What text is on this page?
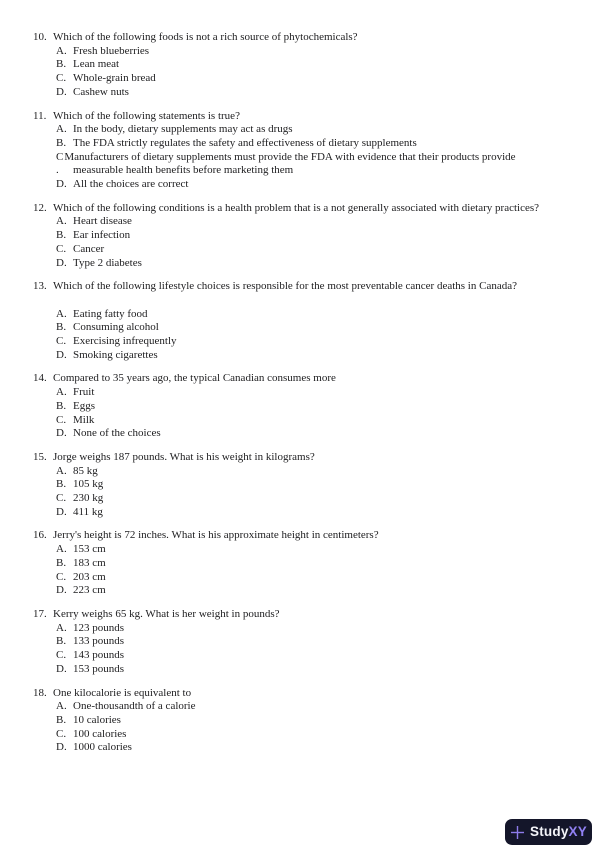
10. Which of the following foods is not a rich source of phytochemicals?
A. Fresh blueberries
B. Lean meat
C. Whole-grain bread
D. Cashew nuts
11. Which of the following statements is true?
A. In the body, dietary supplements may act as drugs
B. The FDA strictly regulates the safety and effectiveness of dietary supplements
C Manufacturers of dietary supplements must provide the FDA with evidence that their products provide
.	measurable health benefits before marketing them
D. All the choices are correct
12. Which of the following conditions is a health problem that is a not generally associated with dietary practices?
A. Heart disease
B. Ear infection
C. Cancer
D. Type 2 diabetes
13. Which of the following lifestyle choices is responsible for the most preventable cancer deaths in Canada?
A. Eating fatty food
B. Consuming alcohol
C. Exercising infrequently
D. Smoking cigarettes
14. Compared to 35 years ago, the typical Canadian consumes more
A. Fruit
B. Eggs
C. Milk
D. None of the choices
15. Jorge weighs 187 pounds. What is his weight in kilograms?
A. 85 kg
B. 105 kg
C. 230 kg
D. 411 kg
16. Jerry's height is 72 inches. What is his approximate height in centimeters?
A. 153 cm
B. 183 cm
C. 203 cm
D. 223 cm
17. Kerry weighs 65 kg. What is her weight in pounds?
A. 123 pounds
B. 133 pounds
C. 143 pounds
D. 153 pounds
18. One kilocalorie is equivalent to
A. One-thousandth of a calorie
B. 10 calories
C. 100 calories
D. 1000 calories
StudyXY
